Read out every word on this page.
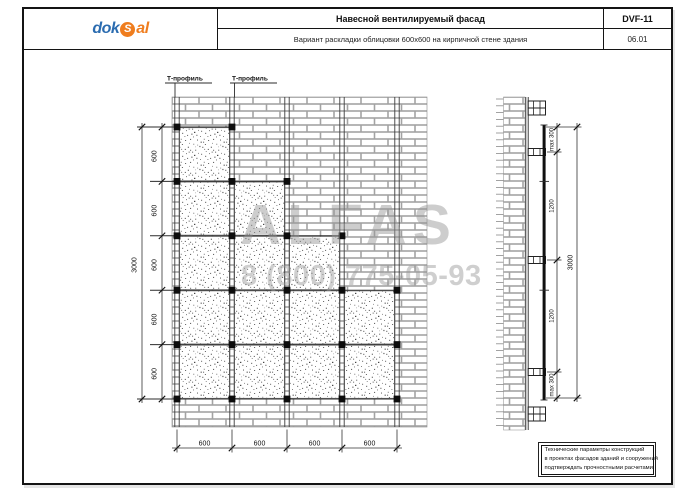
dok S al
Навесной вентилируемый фасад	DVF-11
Вариант раскладки облицовки 600х600 на кирпичной стене здания	06.01
Т-профиль	Т-профиль
3000
600
600
600
600
600
600	600	600	600
max 300
1200
1200
max 300
3000
ALFAS
8 (800) 775-05-93
Технические параметры конструкций
в проектах фасадов зданий и сооружений
подтверждать прочностными расчетами.
